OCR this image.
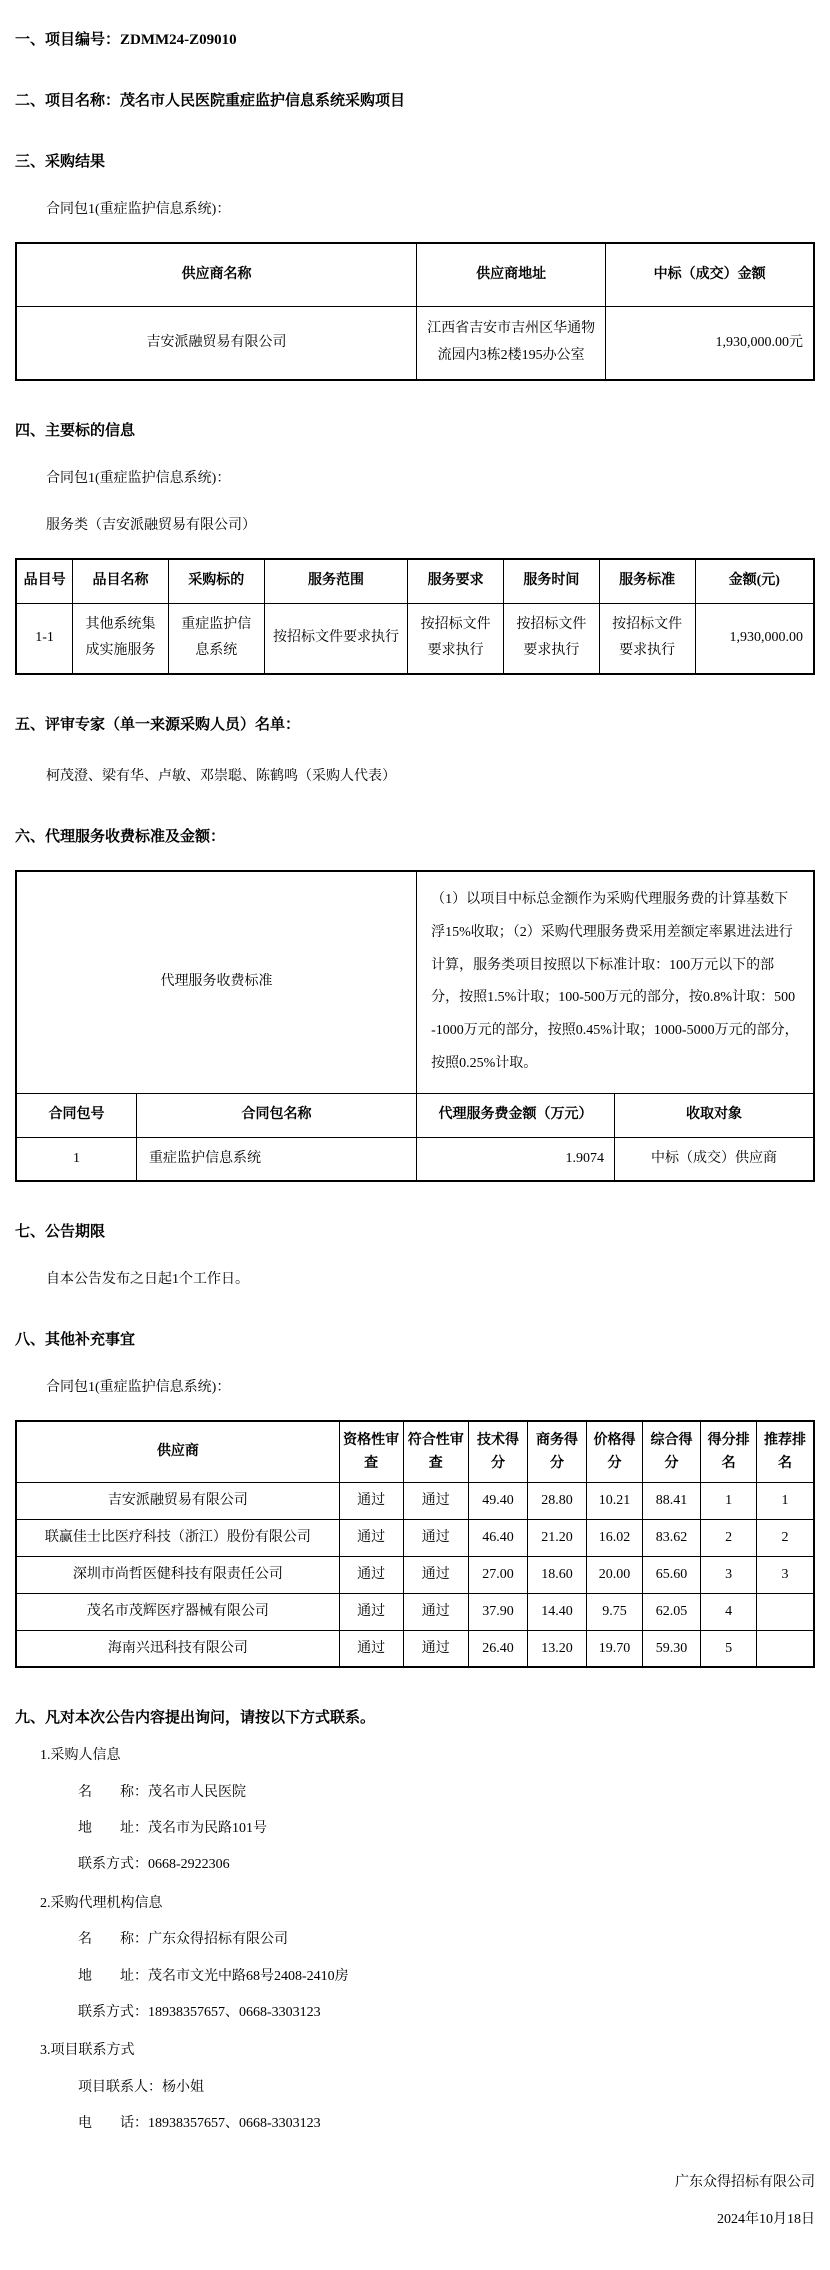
一、项目编号：ZDMM24-Z09010
二、项目名称：茂名市人民医院重症监护信息系统采购项目
三、采购结果
合同包1(重症监护信息系统)：
供应商名称	供应商地址	中标（成交）金额
吉安派融贸易有限公司	江西省吉安市吉州区华通物流园内3栋2楼195办公室	1,930,000.00元
四、主要标的信息
合同包1(重症监护信息系统)：
服务类（吉安派融贸易有限公司）
品目号	品目名称	采购标的	服务范围	服务要求	服务时间	服务标准	金额(元)
1-1	其他系统集成实施服务	重症监护信息系统	按招标文件要求执行	按招标文件要求执行	按招标文件要求执行	按招标文件要求执行	1,930,000.00
五、评审专家（单一来源采购人员）名单：
柯茂澄、梁有华、卢敏、邓崇聪、陈鹤鸣（采购人代表）
六、代理服务收费标准及金额：
代理服务收费标准		（1）以项目中标总金额作为采购代理服务费的计算基数下浮15%收取；（2）采购代理服务费采用差额定率累进法进行计算，服务类项目按照以下标准计取：100万元以下的部分，按照1.5%计取；100-500万元的部分，按0.8%计取：500-1000万元的部分，按照0.45%计取；1000-5000万元的部分，按照0.25%计取。	
合同包号	合同包名称	代理服务费金额（万元）	收取对象
1	重症监护信息系统	1.9074	中标（成交）供应商
七、公告期限
自本公告发布之日起1个工作日。
八、其他补充事宜
合同包1(重症监护信息系统)：
供应商	资格性审查	符合性审查	技术得分	商务得分	价格得分	综合得分	得分排名	推荐排名
吉安派融贸易有限公司	通过	通过	49.40	28.80	10.21	88.41	1	1
联赢佳士比医疗科技（浙江）股份有限公司	通过	通过	46.40	21.20	16.02	83.62	2	2
深圳市尚哲医健科技有限责任公司	通过	通过	27.00	18.60	20.00	65.60	3	3
茂名市茂辉医疗器械有限公司	通过	通过	37.90	14.40	9.75	62.05	4	
海南兴迅科技有限公司	通过	通过	26.40	13.20	19.70	59.30	5	
九、凡对本次公告内容提出询问，请按以下方式联系。
1.采购人信息
名　　称：茂名市人民医院
地　　址：茂名市为民路101号
联系方式：0668-2922306
2.采购代理机构信息
名　　称：广东众得招标有限公司
地　　址：茂名市文光中路68号2408-2410房
联系方式：18938357657、0668-3303123
3.项目联系方式
项目联系人：杨小姐
电　　话：18938357657、0668-3303123
广东众得招标有限公司
2024年10月18日
